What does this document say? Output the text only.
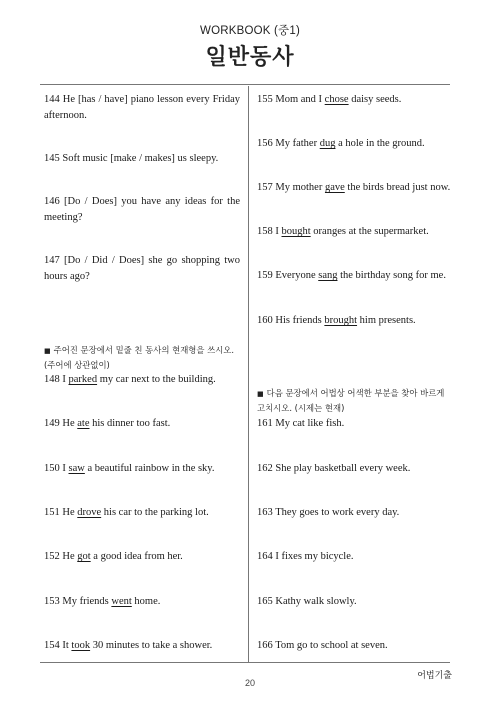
WORKBOOK (중1)
일반동사
144 He [has / have] piano lesson every Friday afternoon.
145 Soft music [make / makes] us sleepy.
146 [Do / Does] you have any ideas for the meeting?
147 [Do / Did / Does] she go shopping two hours ago?
■ 주어진 문장에서 밑줄 친 동사의 현재형을 쓰시오.
(주어에 상관없이)
148 I parked my car next to the building.
149 He ate his dinner too fast.
150 I saw a beautiful rainbow in the sky.
151 He drove his car to the parking lot.
152 He got a good idea from her.
153 My friends went home.
154 It took 30 minutes to take a shower.
155 Mom and I chose daisy seeds.
156 My father dug a hole in the ground.
157 My mother gave the birds bread just now.
158 I bought oranges at the supermarket.
159 Everyone sang the birthday song for me.
160 His friends brought him presents.
■ 다음 문장에서 어법상 어색한 부분을 찾아 바르게
고치시오. (시제는 현재)
161 My cat like fish.
162 She play basketball every week.
163 They goes to work every day.
164 I fixes my bicycle.
165 Kathy walk slowly.
166 Tom go to school at seven.
어법기출
20
